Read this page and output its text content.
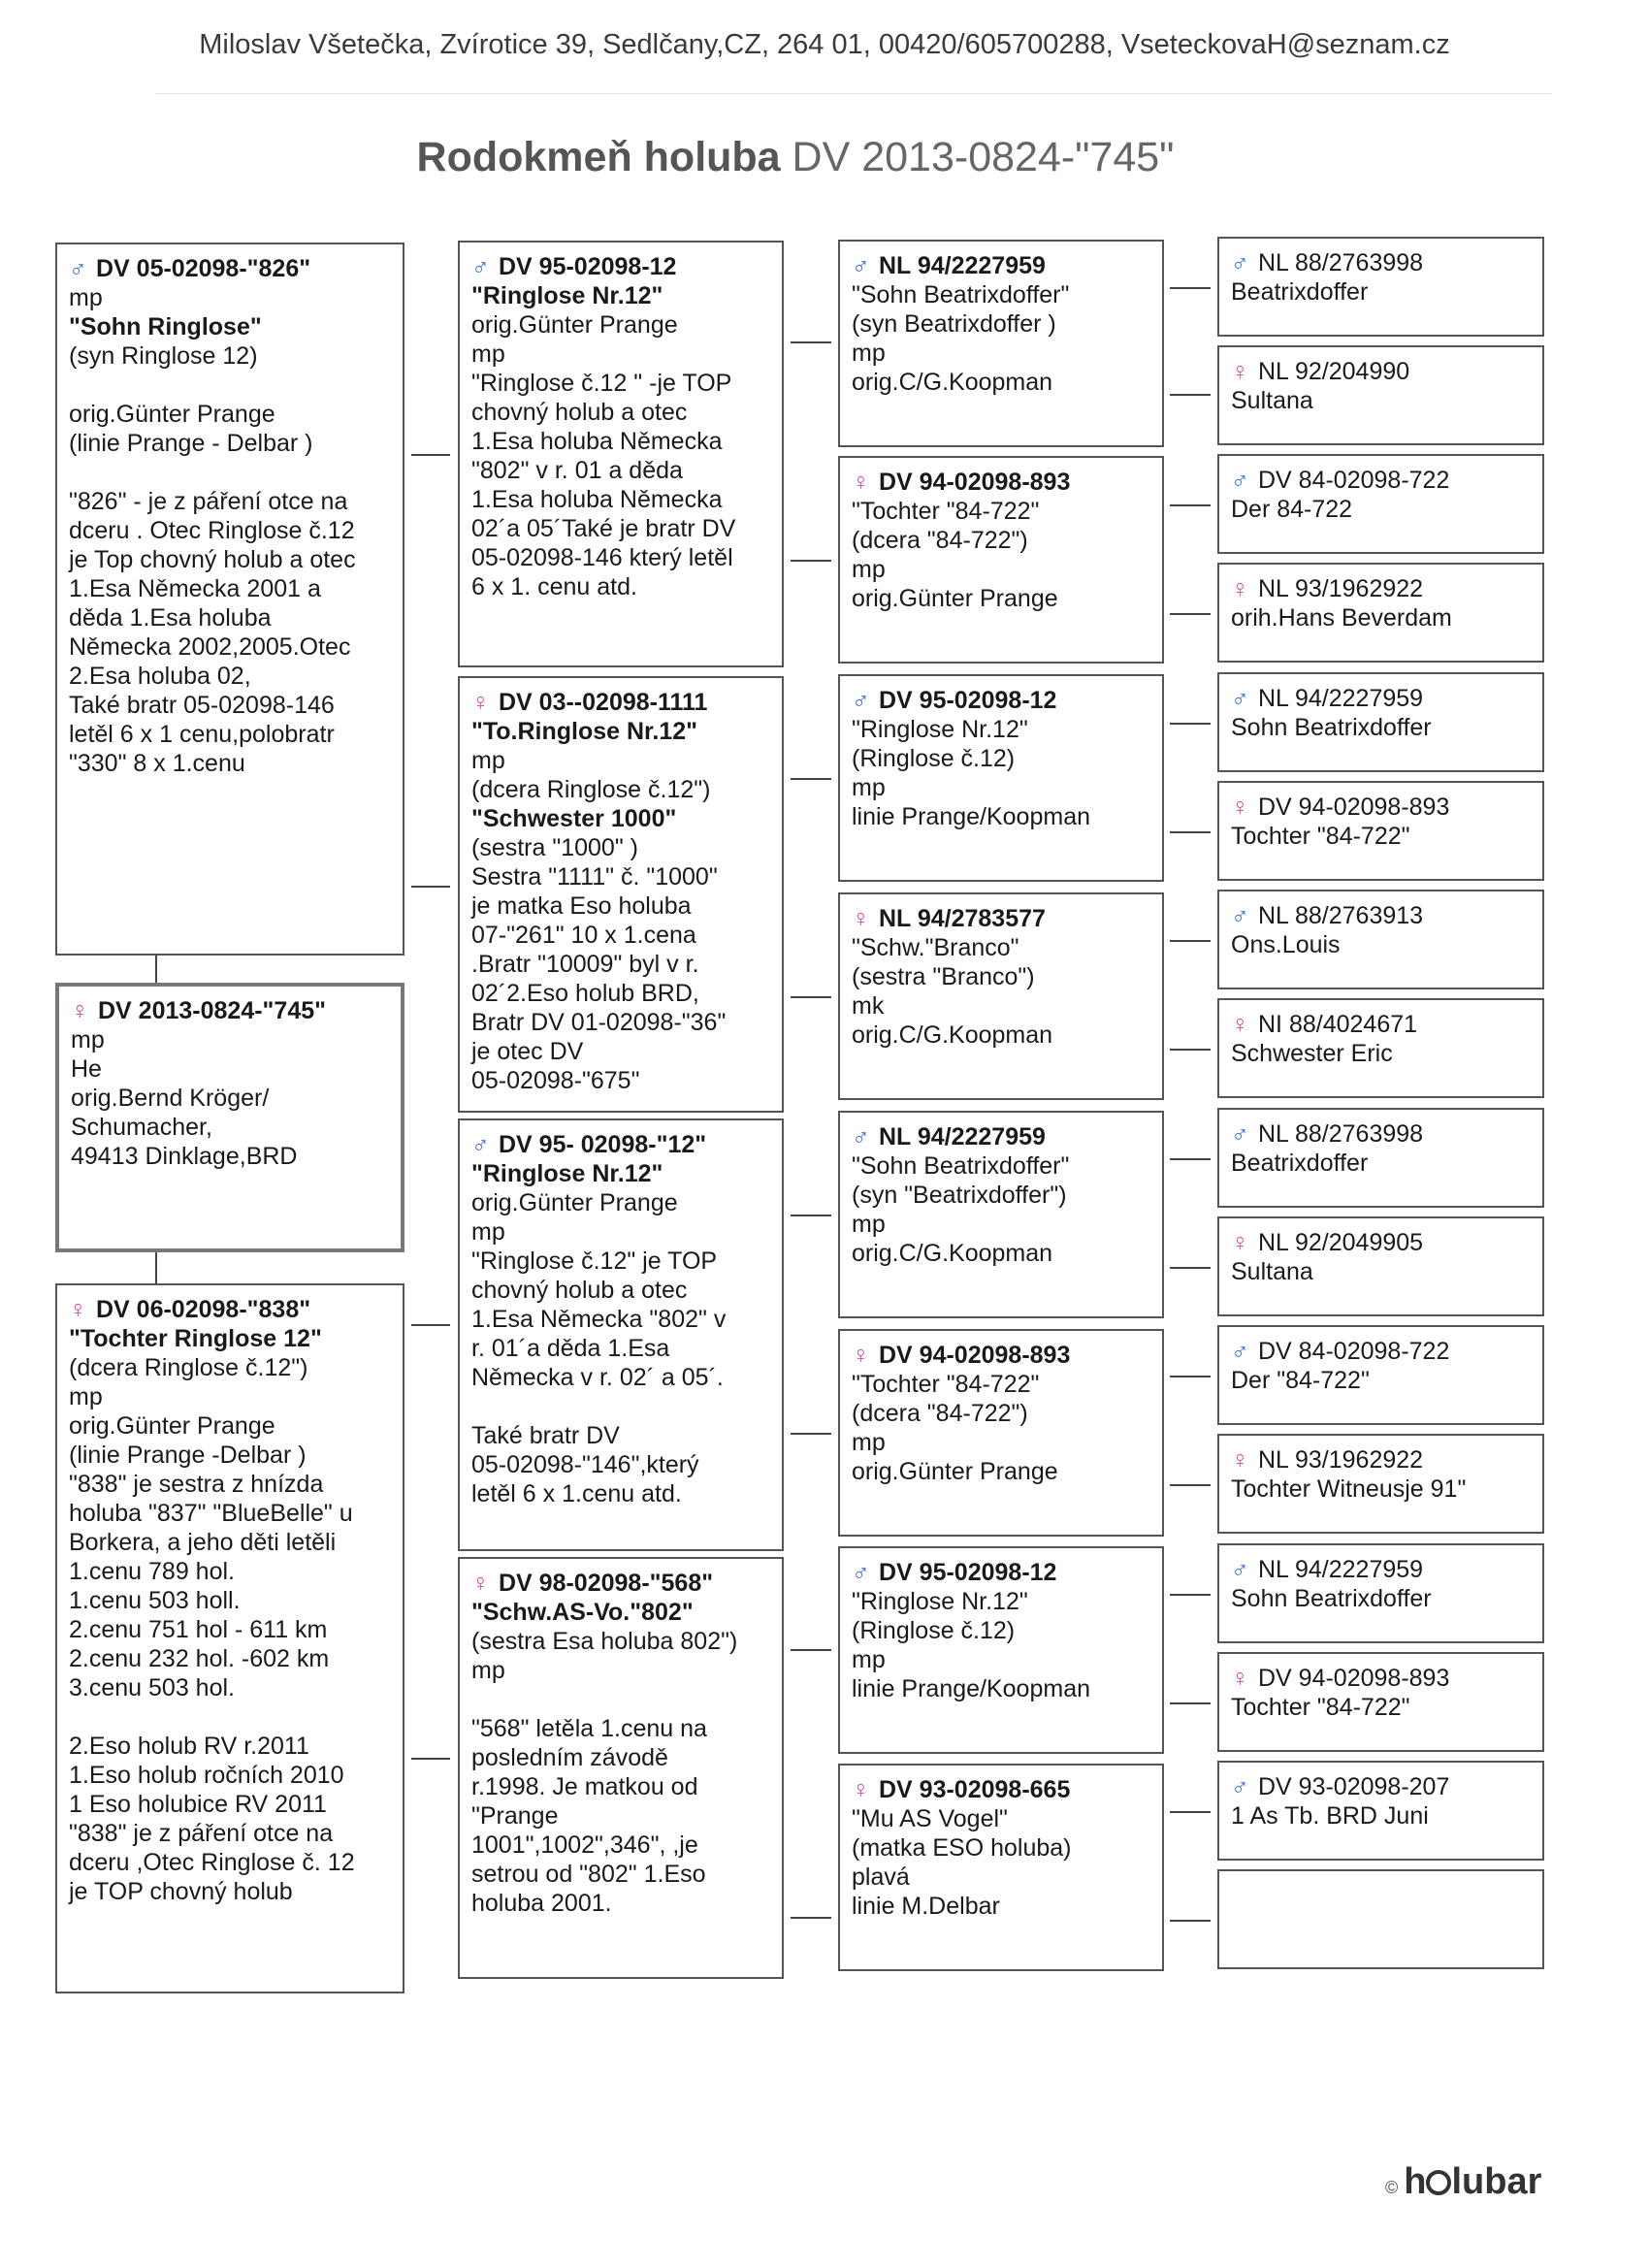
Miloslav Všetečka, Zvírotice 39, Sedlčany,CZ, 264 01, 00420/605700288, VseteckovaH@seznam.cz
Rodokmeň holuba DV 2013-0824-"745"
♂ DV 05-02098-"826"
mp
"Sohn Ringlose"
(syn Ringlose 12)

orig.Günter Prange
(linie Prange - Delbar )

"826" - je z páření otce na
dceru . Otec Ringlose č.12
je Top chovný holub a otec
1.Esa Německa 2001 a
děda 1.Esa holuba
Německa 2002,2005.Otec
2.Esa holuba 02,
Také bratr 05-02098-146
letěl 6 x 1 cenu,polobratr
"330" 8 x 1.cenu
♀ DV 2013-0824-"745"
mp
He
orig.Bernd Kröger/
Schumacher,
49413 Dinklage,BRD
♀ DV 06-02098-"838"
"Tochter Ringlose 12"
(dcera Ringlose č.12")
mp
orig.Günter Prange
(linie Prange -Delbar )
"838" je sestra z hnízda
holuba "837" "BlueBelle" u
Borkera, a jeho děti letěli
1.cenu 789 hol.
1.cenu 503 holl.
2.cenu 751 hol - 611 km
2.cenu 232 hol. -602 km
3.cenu 503 hol.

2.Eso holub RV r.2011
1.Eso holub ročních 2010
1 Eso holubice RV 2011
"838" je z páření otce na
dceru ,Otec Ringlose č. 12
je TOP chovný holub
♂ DV 95-02098-12
"Ringlose Nr.12"
orig.Günter Prange
mp
"Ringlose č.12 " -je TOP
chovný holub a otec
1.Esa holuba Německa
"802" v r. 01 a děda
1.Esa holuba Německa
02´a 05´Také je bratr DV
05-02098-146 který letěl
6 x 1. cenu atd.
♀ DV 03--02098-1111
"To.Ringlose Nr.12"
mp
(dcera Ringlose č.12")
"Schwester 1000"
(sestra "1000" )
Sestra "1111" č. "1000"
je matka Eso holuba
07-"261" 10 x 1.cena
.Bratr "10009" byl v r.
02´2.Eso holub BRD,
Bratr DV 01-02098-"36"
je otec DV
05-02098-"675"
♂ DV 95- 02098-"12"
"Ringlose Nr.12"
orig.Günter Prange
mp
"Ringlose č.12" je TOP
chovný holub a otec
1.Esa Německa "802" v
r. 01´a děda 1.Esa
Německa v r. 02´ a 05´.

Také bratr DV
05-02098-"146",který
letěl 6 x 1.cenu atd.
♀ DV 98-02098-"568"
"Schw.AS-Vo."802"
(sestra Esa holuba 802")
mp

"568" letěla 1.cenu na
posledním závodě
r.1998. Je matkou od
"Prange
1001",1002",346", ,je
setrou od "802" 1.Eso
holuba 2001.
♂ NL 94/2227959
"Sohn Beatrixdoffer"
(syn Beatrixdoffer )
mp
orig.C/G.Koopman
♀ DV 94-02098-893
"Tochter "84-722"
(dcera "84-722")
mp
orig.Günter Prange
♂ DV 95-02098-12
"Ringlose Nr.12"
(Ringlose č.12)
mp
linie Prange/Koopman
♀ NL 94/2783577
"Schw."Branco"
(sestra "Branco")
mk
orig.C/G.Koopman
♂ NL 94/2227959
"Sohn Beatrixdoffer"
(syn "Beatrixdoffer")
mp
orig.C/G.Koopman
♀ DV 94-02098-893
"Tochter "84-722"
(dcera "84-722")
mp
orig.Günter Prange
♂ DV 95-02098-12
"Ringlose Nr.12"
(Ringlose č.12)
mp
linie Prange/Koopman
♀ DV 93-02098-665
"Mu AS Vogel"
(matka ESO holuba)
plavá
linie M.Delbar
♂ NL 88/2763998
Beatrixdoffer
♀ NL 92/204990
Sultana
♂ DV 84-02098-722
Der 84-722
♀ NL 93/1962922
orih.Hans Beverdam
♂ NL 94/2227959
Sohn Beatrixdoffer
♀ DV 94-02098-893
Tochter "84-722"
♂ NL 88/2763913
Ons.Louis
♀ NI 88/4024671
Schwester Eric
♂ NL 88/2763998
Beatrixdoffer
♀ NL 92/2049905
Sultana
♂ DV 84-02098-722
Der "84-722"
♀ NL 93/1962922
Tochter Witneusje 91"
♂ NL 94/2227959
Sohn Beatrixdoffer
♀ DV 94-02098-893
Tochter "84-722"
♂ DV 93-02098-207
1 As Tb. BRD Juni
© h lubar
